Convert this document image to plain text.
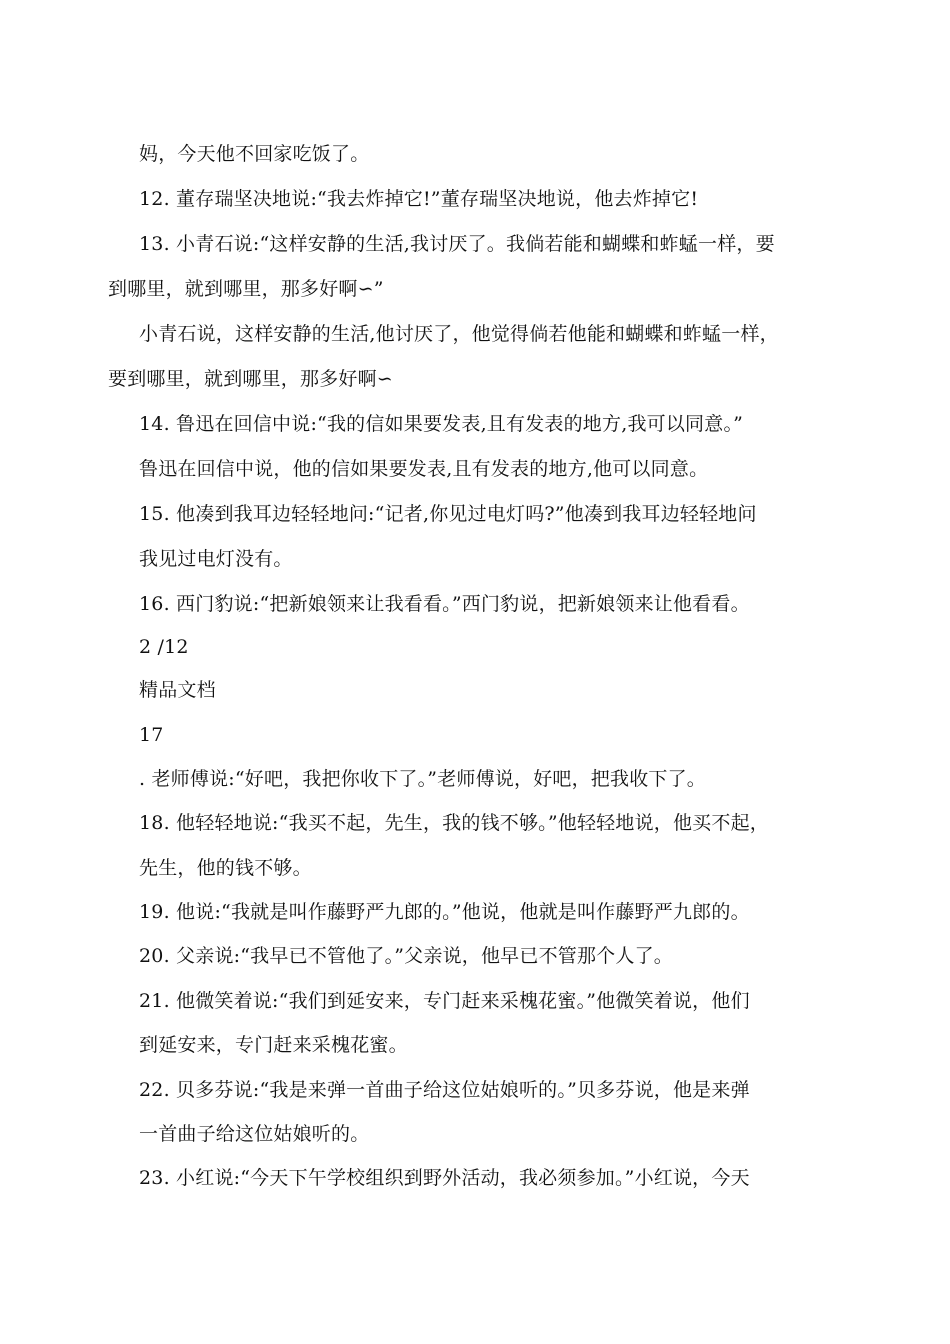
妈，今天他不回家吃饭了。
12. 董存瑞坚决地说:“我去炸掉它!”董存瑞坚决地说，他去炸掉它!
13. 小青石说:“这样安静的生活,我讨厌了。我倘若能和蝴蝶和蚱蜢一样，要
到哪里，就到哪里，那多好啊∽”
小青石说，这样安静的生活,他讨厌了，他觉得倘若他能和蝴蝶和蚱蜢一样，
要到哪里，就到哪里，那多好啊∽
14. 鲁迅在回信中说:“我的信如果要发表,且有发表的地方,我可以同意。”
鲁迅在回信中说，他的信如果要发表,且有发表的地方,他可以同意。
15. 他凑到我耳边轻轻地问:“记者,你见过电灯吗?”他凑到我耳边轻轻地问
我见过电灯没有。
16. 西门豹说:“把新娘领来让我看看。”西门豹说，把新娘领来让他看看。
2 /12
精品文档
17
. 老师傅说:“好吧，我把你收下了。”老师傅说，好吧，把我收下了。
18. 他轻轻地说:“我买不起，先生，我的钱不够。”他轻轻地说，他买不起，
先生，他的钱不够。
19. 他说:“我就是叫作藤野严九郎的。”他说，他就是叫作藤野严九郎的。
20. 父亲说:“我早已不管他了。”父亲说，他早已不管那个人了。
21. 他微笑着说:“我们到延安来，专门赶来采槐花蜜。”他微笑着说，他们
到延安来，专门赶来采槐花蜜。
22. 贝多芬说:“我是来弹一首曲子给这位姑娘听的。”贝多芬说，他是来弹
一首曲子给这位姑娘听的。
23. 小红说:“今天下午学校组织到野外活动，我必须参加。”小红说，今天
